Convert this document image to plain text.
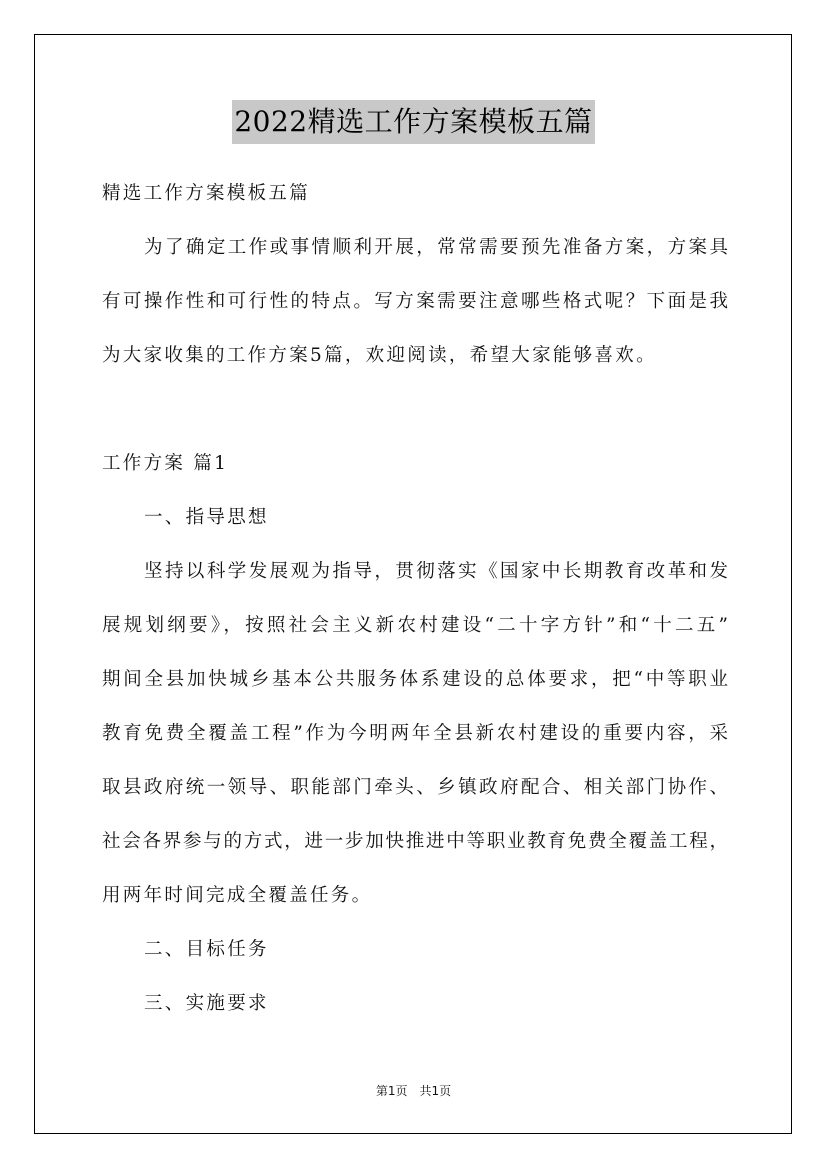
2022精选工作方案模板五篇
精选工作方案模板五篇
为了确定工作或事情顺利开展，常常需要预先准备方案，方案具
有可操作性和可行性的特点。写方案需要注意哪些格式呢？下面是我
为大家收集的工作方案5篇，欢迎阅读，希望大家能够喜欢。
工作方案 篇1
一、指导思想
坚持以科学发展观为指导，贯彻落实《国家中长期教育改革和发
展规划纲要》，按照社会主义新农村建设“二十字方针”和“十二五”
期间全县加快城乡基本公共服务体系建设的总体要求，把“中等职业
教育免费全覆盖工程”作为今明两年全县新农村建设的重要内容，采
取县政府统一领导、职能部门牵头、乡镇政府配合、相关部门协作、
社会各界参与的方式，进一步加快推进中等职业教育免费全覆盖工程，
用两年时间完成全覆盖任务。
二、目标任务
三、实施要求
第1页　共1页
